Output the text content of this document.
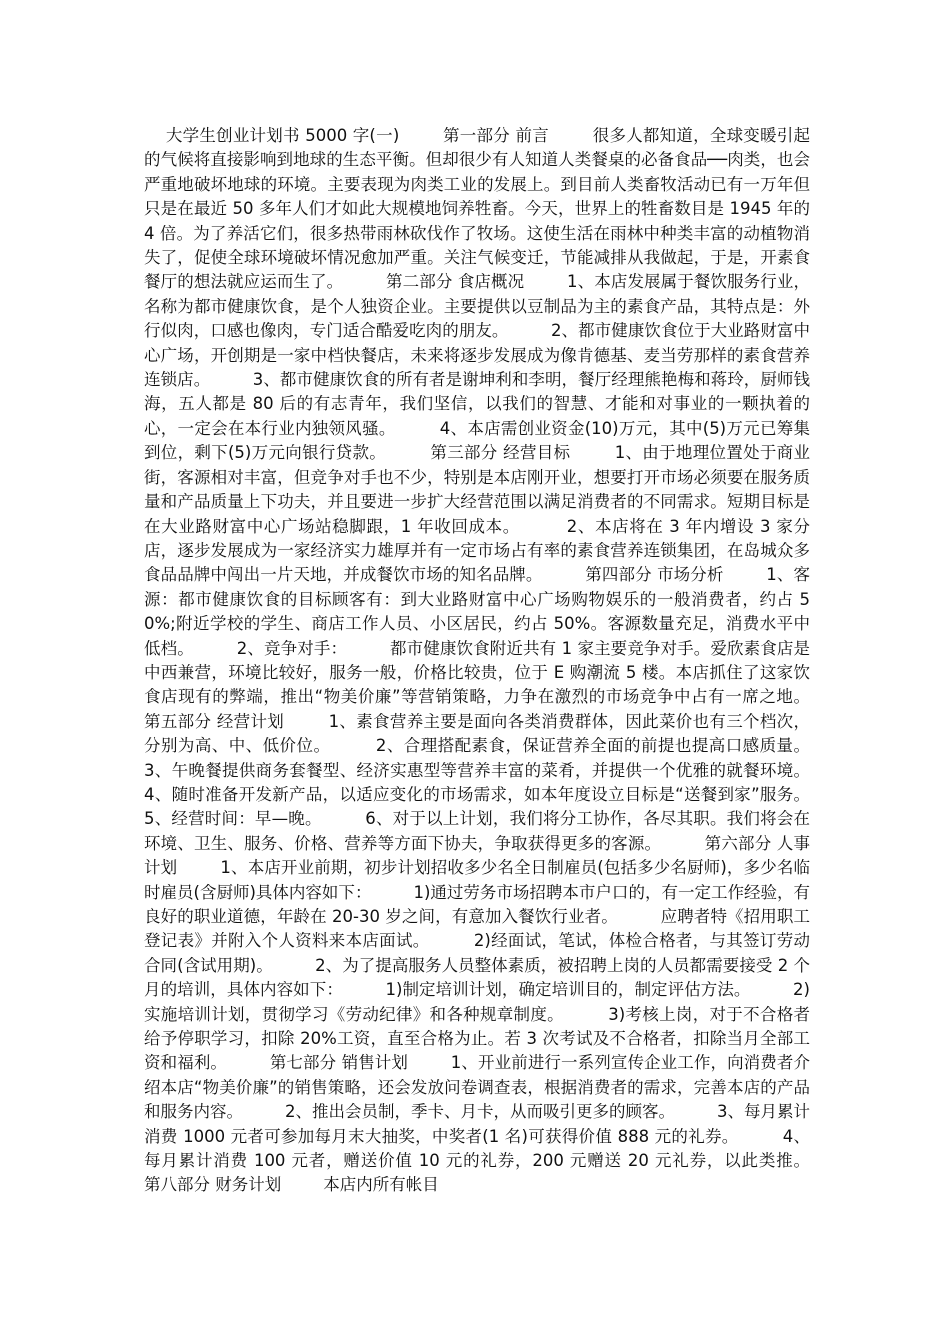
大学生创业计划书 5000 字(一)        第一部分 前言        很多人都知道，全球变暖引起的气候将直接影响到地球的生态平衡。但却很少有人知道人类餐桌的必备食品──肉类，也会严重地破坏地球的环境。主要表现为肉类工业的发展上。到目前人类畜牧活动已有一万年但只是在最近 50 多年人们才如此大规模地饲养牲畜。今天，世界上的牲畜数目是 1945 年的 4 倍。为了养活它们，很多热带雨林砍伐作了牧场。这使生活在雨林中种类丰富的动植物消失了，促使全球环境破坏情况愈加严重。关注气候变迁，节能减排从我做起，于是，开素食餐厅的想法就应运而生了。        第二部分 食店概况        1、本店发展属于餐饮服务行业，名称为都市健康饮食，是个人独资企业。主要提供以豆制品为主的素食产品，其特点是：外行似肉，口感也像肉，专门适合酷爱吃肉的朋友。        2、都市健康饮食位于大业路财富中心广场，开创期是一家中档快餐店，未来将逐步发展成为像肯德基、麦当劳那样的素食营养连锁店。        3、都市健康饮食的所有者是谢坤利和李明，餐厅经理熊艳梅和蒋玲，厨师钱海，五人都是 80 后的有志青年，我们坚信，以我们的智慧、才能和对事业的一颗执着的心，一定会在本行业内独领风骚。        4、本店需创业资金(10)万元，其中(5)万元已筹集到位，剩下(5)万元向银行贷款。        第三部分 经营目标        1、由于地理位置处于商业街，客源相对丰富，但竞争对手也不少，特别是本店刚开业，想要打开市场必须要在服务质量和产品质量上下功夫，并且要进一步扩大经营范围以满足消费者的不同需求。短期目标是在大业路财富中心广场站稳脚跟，1 年收回成本。        2、本店将在 3 年内增设 3 家分店，逐步发展成为一家经济实力雄厚并有一定市场占有率的素食营养连锁集团，在岛城众多食品品牌中闯出一片天地，并成餐饮市场的知名品牌。        第四部分 市场分析        1、客源：都市健康饮食的目标顾客有：到大业路财富中心广场购物娱乐的一般消费者，约占 50%;附近学校的学生、商店工作人员、小区居民，约占 50%。客源数量充足，消费水平中低档。        2、竞争对手：        都市健康饮食附近共有 1 家主要竞争对手。爱欣素食店是中西兼营，环境比较好，服务一般，价格比较贵，位于 E 购潮流 5 楼。本店抓住了这家饮食店现有的弊端，推出“物美价廉”等营销策略，力争在激烈的市场竞争中占有一席之地。        第五部分 经营计划        1、素食营养主要是面向各类消费群体，因此菜价也有三个档次，分别为高、中、低价位。        2、合理搭配素食，保证营养全面的前提也提高口感质量。        3、午晚餐提供商务套餐型、经济实惠型等营养丰富的菜肴，并提供一个优雅的就餐环境。        4、随时准备开发新产品，以适应变化的市场需求，如本年度设立目标是“送餐到家”服务。        5、经营时间：早—晚。        6、对于以上计划，我们将分工协作，各尽其职。我们将会在环境、卫生、服务、价格、营养等方面下协夫，争取获得更多的客源。        第六部分 人事计划        1、本店开业前期，初步计划招收多少名全日制雇员(包括多少名厨师)，多少名临时雇员(含厨师)具体内容如下：        1)通过劳务市场招聘本市户口的，有一定工作经验，有良好的职业道德，年龄在 20-30 岁之间，有意加入餐饮行业者。        应聘者特《招用职工登记表》并附入个人资料来本店面试。        2)经面试，笔试，体检合格者，与其签订劳动合同(含试用期)。        2、为了提高服务人员整体素质，被招聘上岗的人员都需要接受 2 个月的培训，具体内容如下：        1)制定培训计划，确定培训目的，制定评估方法。        2)实施培训计划，贯彻学习《劳动纪律》和各种规章制度。        3)考核上岗，对于不合格者给予停职学习，扣除 20%工资，直至合格为止。若 3 次考试及不合格者，扣除当月全部工资和福利。        第七部分 销售计划        1、开业前进行一系列宣传企业工作，向消费者介绍本店“物美价廉”的销售策略，还会发放问卷调查表，根据消费者的需求，完善本店的产品和服务内容。        2、推出会员制，季卡、月卡，从而吸引更多的顾客。        3、每月累计消费 1000 元者可参加每月末大抽奖，中奖者(1 名)可获得价值 888 元的礼券。        4、每月累计消费 100 元者，赠送价值 10 元的礼券，200 元赠送 20 元礼券，以此类推。        第八部分 财务计划        本店内所有帐目
